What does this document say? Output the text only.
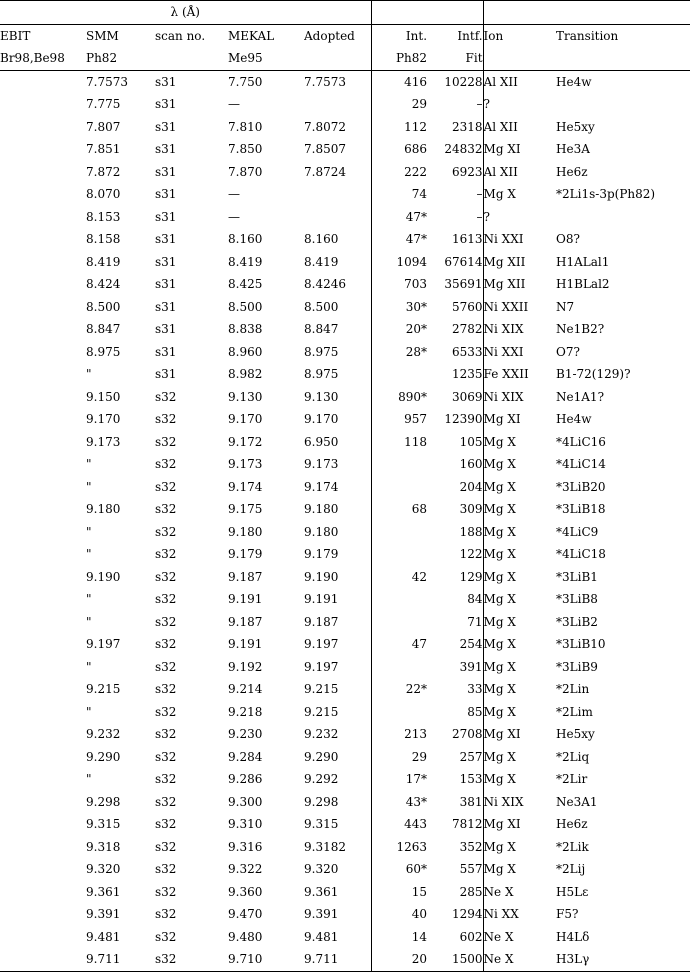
λ (Å)								
EBIT	SMM	scan no.	MEKAL	Adopted	Int.	Intf.	Ion	Transition
Br98,Be98	Ph82		Me95		Ph82	Fit		
	7.7573	s31	7.750	7.7573	416	10228	Al XII	He4w
	7.775	s31	—		29	–	?	
	7.807	s31	7.810	7.8072	112	2318	Al XII	He5xy
	7.851	s31	7.850	7.8507	686	24832	Mg XI	He3A
	7.872	s31	7.870	7.8724	222	6923	Al XII	He6z
	8.070	s31	—		74	–	Mg X	*2Li1s-3p(Ph82)
	8.153	s31	—		47*	–	?	
	8.158	s31	8.160	8.160	47*	1613	Ni XXI	O8?
	8.419	s31	8.419	8.419	1094	67614	Mg XII	H1ALal1
	8.424	s31	8.425	8.4246	703	35691	Mg XII	H1BLal2
	8.500	s31	8.500	8.500	30*	5760	Ni XXII	N7
	8.847	s31	8.838	8.847	20*	2782	Ni XIX	Ne1B2?
	8.975	s31	8.960	8.975	28*	6533	Ni XXI	O7?
	"	s31	8.982	8.975		1235	Fe XXII	B1-72(129)?
	9.150	s32	9.130	9.130	890*	3069	Ni XIX	Ne1A1?
	9.170	s32	9.170	9.170	957	12390	Mg XI	He4w
	9.173	s32	9.172	6.950	118	105	Mg X	*4LiC16
	"	s32	9.173	9.173		160	Mg X	*4LiC14
	"	s32	9.174	9.174		204	Mg X	*3LiB20
	9.180	s32	9.175	9.180	68	309	Mg X	*3LiB18
	"	s32	9.180	9.180		188	Mg X	*4LiC9
	"	s32	9.179	9.179		122	Mg X	*4LiC18
	9.190	s32	9.187	9.190	42	129	Mg X	*3LiB1
	"	s32	9.191	9.191		84	Mg X	*3LiB8
	"	s32	9.187	9.187		71	Mg X	*3LiB2
	9.197	s32	9.191	9.197	47	254	Mg X	*3LiB10
	"	s32	9.192	9.197		391	Mg X	*3LiB9
	9.215	s32	9.214	9.215	22*	33	Mg X	*2Lin
	"	s32	9.218	9.215		85	Mg X	*2Lim
	9.232	s32	9.230	9.232	213	2708	Mg XI	He5xy
	9.290	s32	9.284	9.290	29	257	Mg X	*2Liq
	"	s32	9.286	9.292	17*	153	Mg X	*2Lir
	9.298	s32	9.300	9.298	43*	381	Ni XIX	Ne3A1
	9.315	s32	9.310	9.315	443	7812	Mg XI	He6z
	9.318	s32	9.316	9.3182	1263	352	Mg X	*2Lik
	9.320	s32	9.322	9.320	60*	557	Mg X	*2Lij
	9.361	s32	9.360	9.361	15	285	Ne X	H5Lε
	9.391	s32	9.470	9.391	40	1294	Ni XX	F5?
	9.481	s32	9.480	9.481	14	602	Ne X	H4Lδ
	9.711	s32	9.710	9.711	20	1500	Ne X	H3Lγ
